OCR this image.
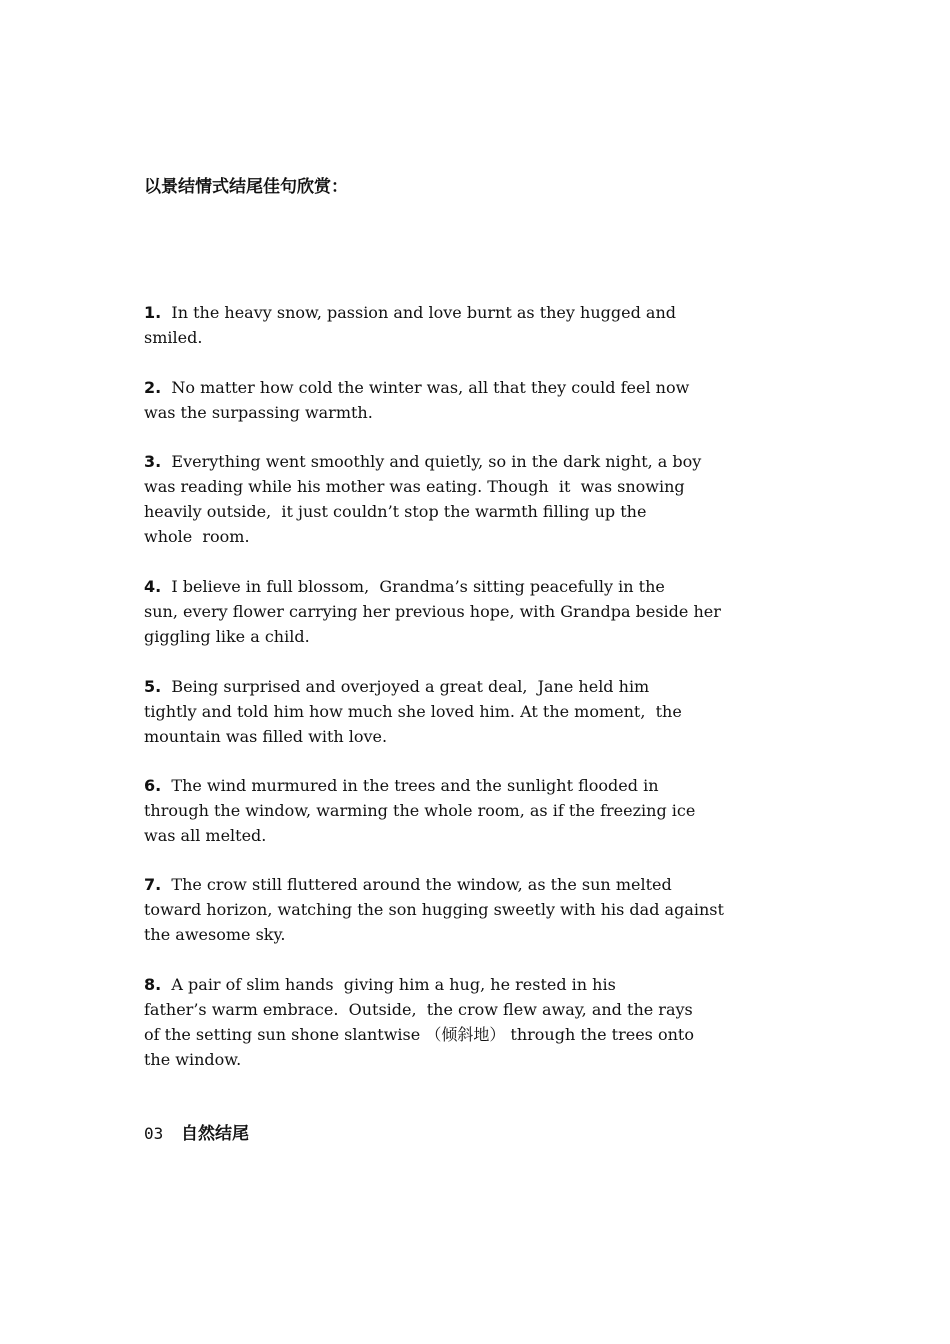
以景结情式结尾佳句欣赏：

1.  In the heavy snow, passion and love burnt as they hugged and
smiled.

2.  No matter how cold the winter was, all that they could feel now
was the surpassing warmth.

3.  Everything went smoothly and quietly, so in the dark night, a boy
was reading while his mother was eating. Though  it  was snowing
heavily outside,  it just couldn’t stop the warmth filling up the
whole  room.

4.  I believe in full blossom,  Grandma’s sitting peacefully in the
sun, every flower carrying her previous hope, with Grandpa beside her
giggling like a child.

5.  Being surprised and overjoyed a great deal,  Jane held him
tightly and told him how much she loved him. At the moment,  the
mountain was filled with love.

6.  The wind murmured in the trees and the sunlight flooded in
through the window, warming the whole room, as if the freezing ice
was all melted.

7.  The crow still fluttered around the window, as the sun melted
toward horizon, watching the son hugging sweetly with his dad against
the awesome sky.

8.  A pair of slim hands  giving him a hug, he rested in his
father’s warm embrace.  Outside,  the crow flew away, and the rays
of the setting sun shone slantwise （倾斜地） through the trees onto
the window.

03 自然结尾
